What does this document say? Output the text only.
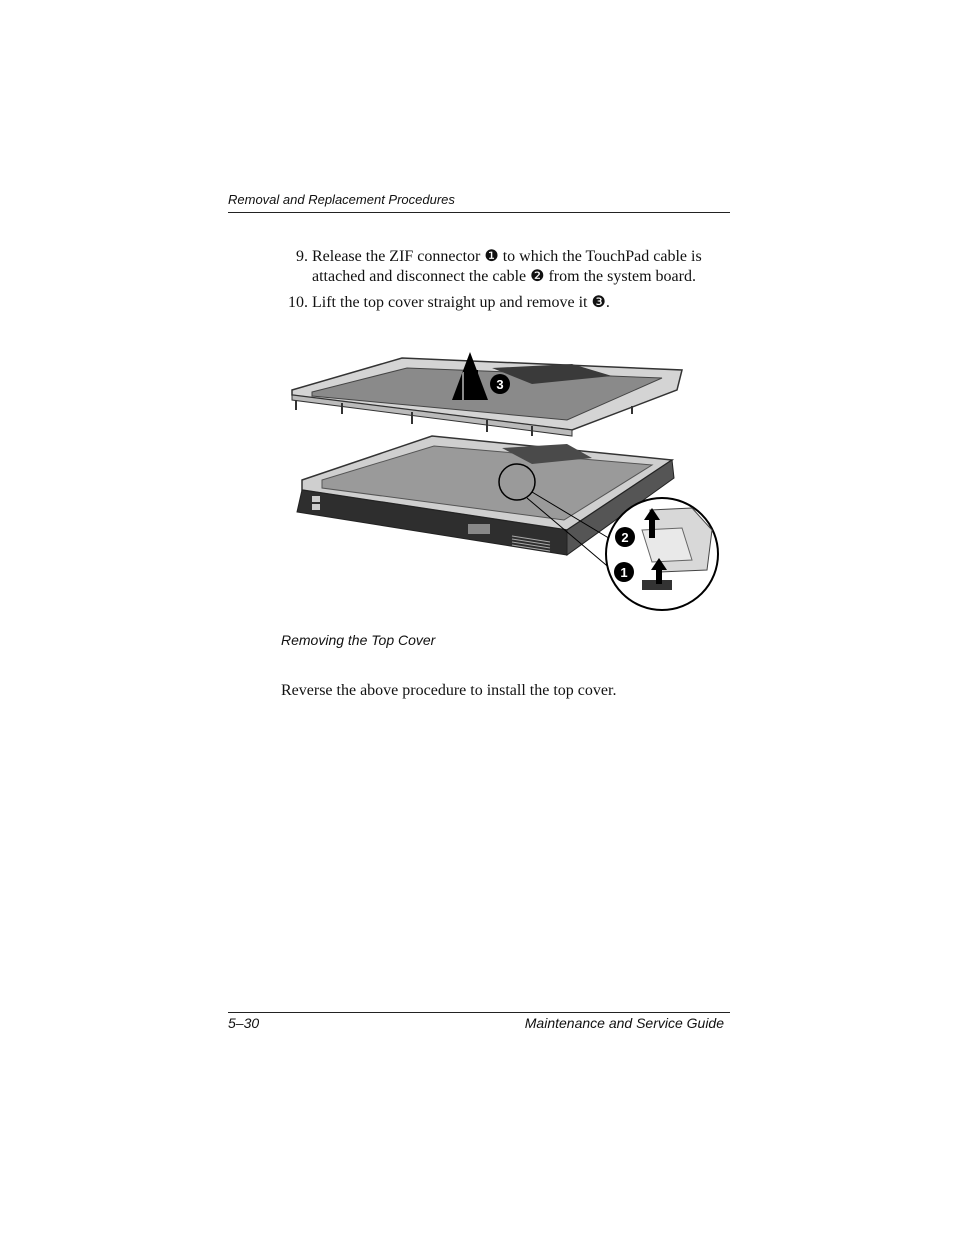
Removal and Replacement Procedures
9. Release the ZIF connector ❶ to which the TouchPad cable is attached and disconnect the cable ❷ from the system board.
10. Lift the top cover straight up and remove it ❸.
3
2
1
Removing the Top Cover
Reverse the above procedure to install the top cover.
5–30	Maintenance and Service Guide
